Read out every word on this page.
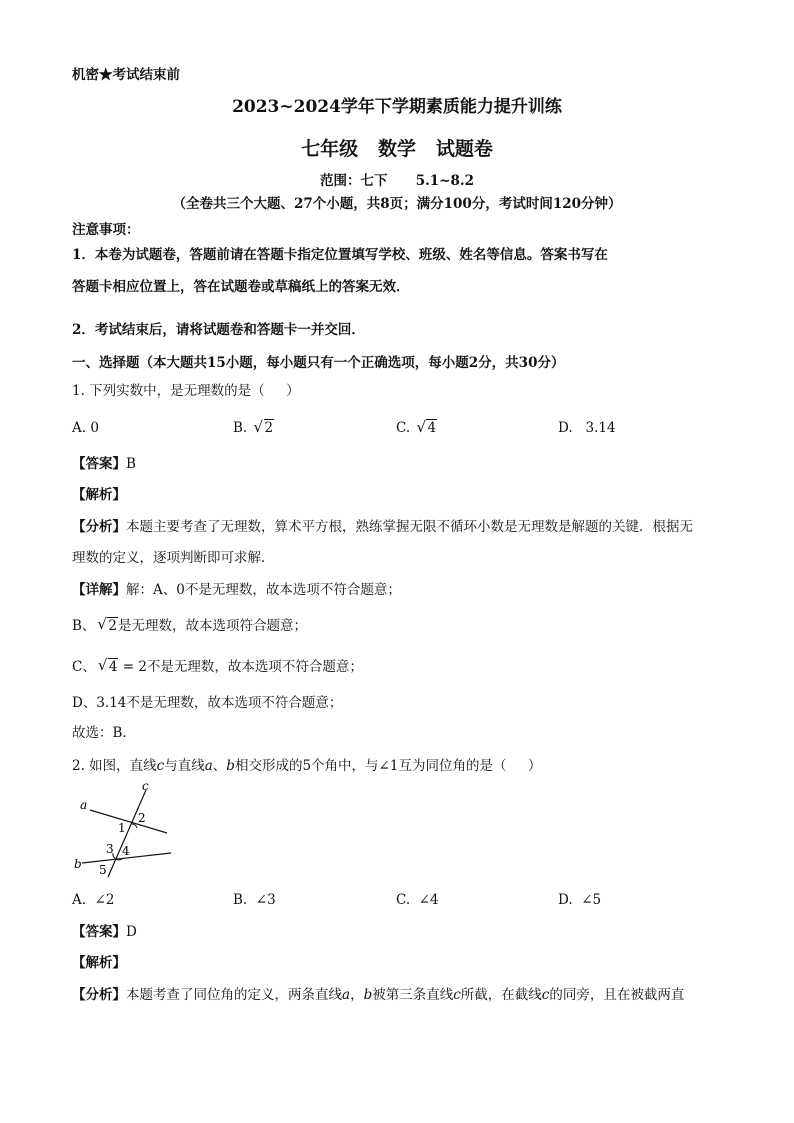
机密★考试结束前
2023~2024学年下学期素质能力提升训练
七年级   数学   试题卷
范围：七下      5.1~8.2
（全卷共三个大题、27个小题，共8页；满分100分，考试时间120分钟）
注意事项：
1．本卷为试题卷，答题前请在答题卡指定位置填写学校、班级、姓名等信息。答案书写在
答题卡相应位置上，答在试题卷或草稿纸上的答案无效．
2．考试结束后，请将试题卷和答题卡一并交回．
一、选择题（本大题共15小题，每小题只有一个正确选项，每小题2分，共30分）
1. 下列实数中，是无理数的是（     ）
A. 0	B. √ 2	C. √ 4	D.   3.14
【答案】B
【解析】
【分析】本题主要考查了无理数，算术平方根，熟练掌握无限不循环小数是无理数是解题的关键．根据无
理数的定义，逐项判断即可求解．
【详解】解：A、0不是无理数，故本选项不符合题意；
B、 √ 2是无理数，故本选项符合题意；
C、 √ 4 = 2不是无理数，故本选项不符合题意；
D、3.14不是无理数，故本选项不符合题意；
故选：B．
2. 如图，直线c与直线a、b相交形成的5个角中，与∠1互为同位角的是（     ）
a
b
c
1
2
3 4
5
A.  ∠2	B.  ∠3	C.  ∠4	D.  ∠5
【答案】D
【解析】
【分析】本题考查了同位角的定义，两条直线a，b被第三条直线c所截，在截线c的同旁，且在被截两直
